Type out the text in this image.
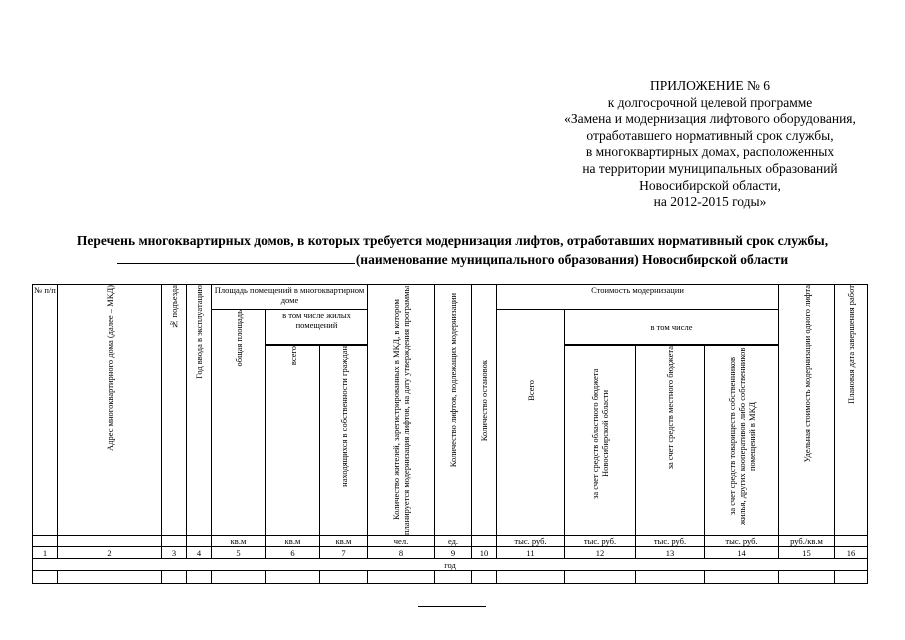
ПРИЛОЖЕНИЕ № 6
к долгосрочной целевой программе
«Замена и модернизация лифтового оборудования,
отработавшего нормативный срок службы,
в многоквартирных домах, расположенных
на территории муниципальных образований
Новосибирской области,
на 2012-2015 годы»
Перечень многоквартирных домов, в которых требуется модернизация лифтов, отработавших нормативный срок службы,
(наименование муниципального образования) Новосибирской области
№ п/п	Адрес многоквартирного дома (далее – МКД)	№ подъезда	Год ввода в эксплуатацию	Площадь помещений в многоквартирном доме			Количество жителей, зарегистрированных в МКД, в котором планируется модернизация лифтов, на дату утверждения программы	Количество лифтов, подлежащих модернизации	Количество остановок	Стоимость модернизации				Удельная стоимость модернизации одного лифта	Плановая дата завершения работ

				общая площадь	в том числе жилых помещений					Всего	в том числе				

					всего	находящихся в собственности граждан					за счет средств областного бюджета Новосибирской области	за счет средств местного бюджета	за счет средств товариществ собственников жилья, других кооперативов либо собственников помещений в МКД		

				кв.м	кв.м	кв.м	чел.	ед.		тыс. руб.	тыс. руб.	тыс. руб.	тыс. руб.	руб./кв.м	
1	2	3	4	5	6	7	8	9	10	11	12	13	14	15	16
год															
